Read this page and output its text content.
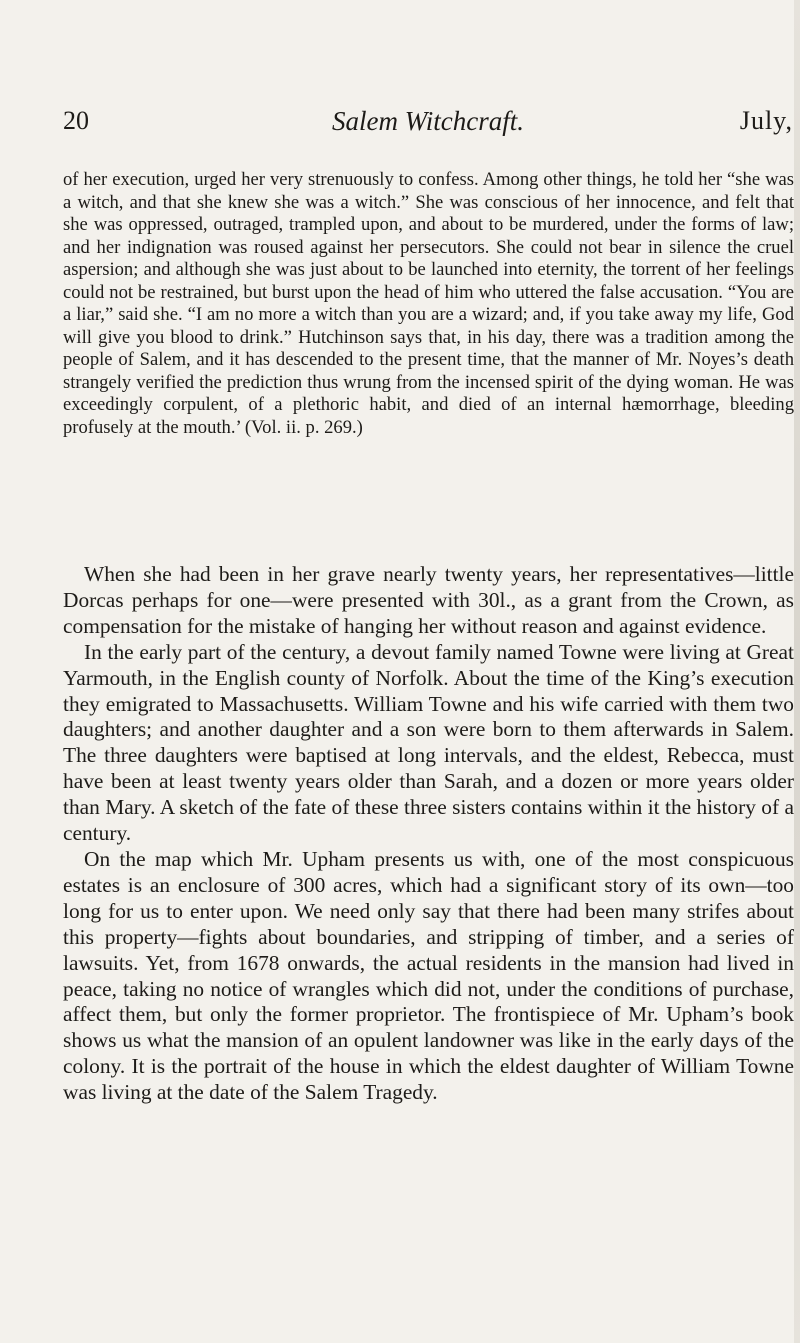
20	Salem Witchcraft.	July,

of her execution, urged her very strenuously to confess. Among other things, he told her “she was a witch, and that she knew she was a witch.” She was conscious of her innocence, and felt that she was oppressed, outraged, trampled upon, and about to be murdered, under the forms of law; and her indignation was roused against her persecutors. She could not bear in silence the cruel aspersion; and although she was just about to be launched into eternity, the torrent of her feelings could not be restrained, but burst upon the head of him who uttered the false accusation. “You are a liar,” said she. “I am no more a witch than you are a wizard; and, if you take away my life, God will give you blood to drink.” Hutchinson says that, in his day, there was a tradition among the people of Salem, and it has descended to the present time, that the manner of Mr. Noyes’s death strangely verified the prediction thus wrung from the incensed spirit of the dying woman. He was exceedingly corpulent, of a plethoric habit, and died of an internal hæmorrhage, bleeding profusely at the mouth.’ (Vol. ii. p. 269.)

When she had been in her grave nearly twenty years, her representatives—little Dorcas perhaps for one—were presented with 30l., as a grant from the Crown, as compensation for the mistake of hanging her without reason and against evidence.

In the early part of the century, a devout family named Towne were living at Great Yarmouth, in the English county of Norfolk. About the time of the King’s execution they emigrated to Massachusetts. William Towne and his wife carried with them two daughters; and another daughter and a son were born to them afterwards in Salem. The three daughters were baptised at long intervals, and the eldest, Rebecca, must have been at least twenty years older than Sarah, and a dozen or more years older than Mary. A sketch of the fate of these three sisters contains within it the history of a century.

On the map which Mr. Upham presents us with, one of the most conspicuous estates is an enclosure of 300 acres, which had a significant story of its own—too long for us to enter upon. We need only say that there had been many strifes about this property—fights about boundaries, and stripping of timber, and a series of lawsuits. Yet, from 1678 onwards, the actual residents in the mansion had lived in peace, taking no notice of wrangles which did not, under the conditions of purchase, affect them, but only the former proprietor. The frontispiece of Mr. Upham’s book shows us what the mansion of an opulent landowner was like in the early days of the colony. It is the portrait of the house in which the eldest daughter of William Towne was living at the date of the Salem Tragedy.
